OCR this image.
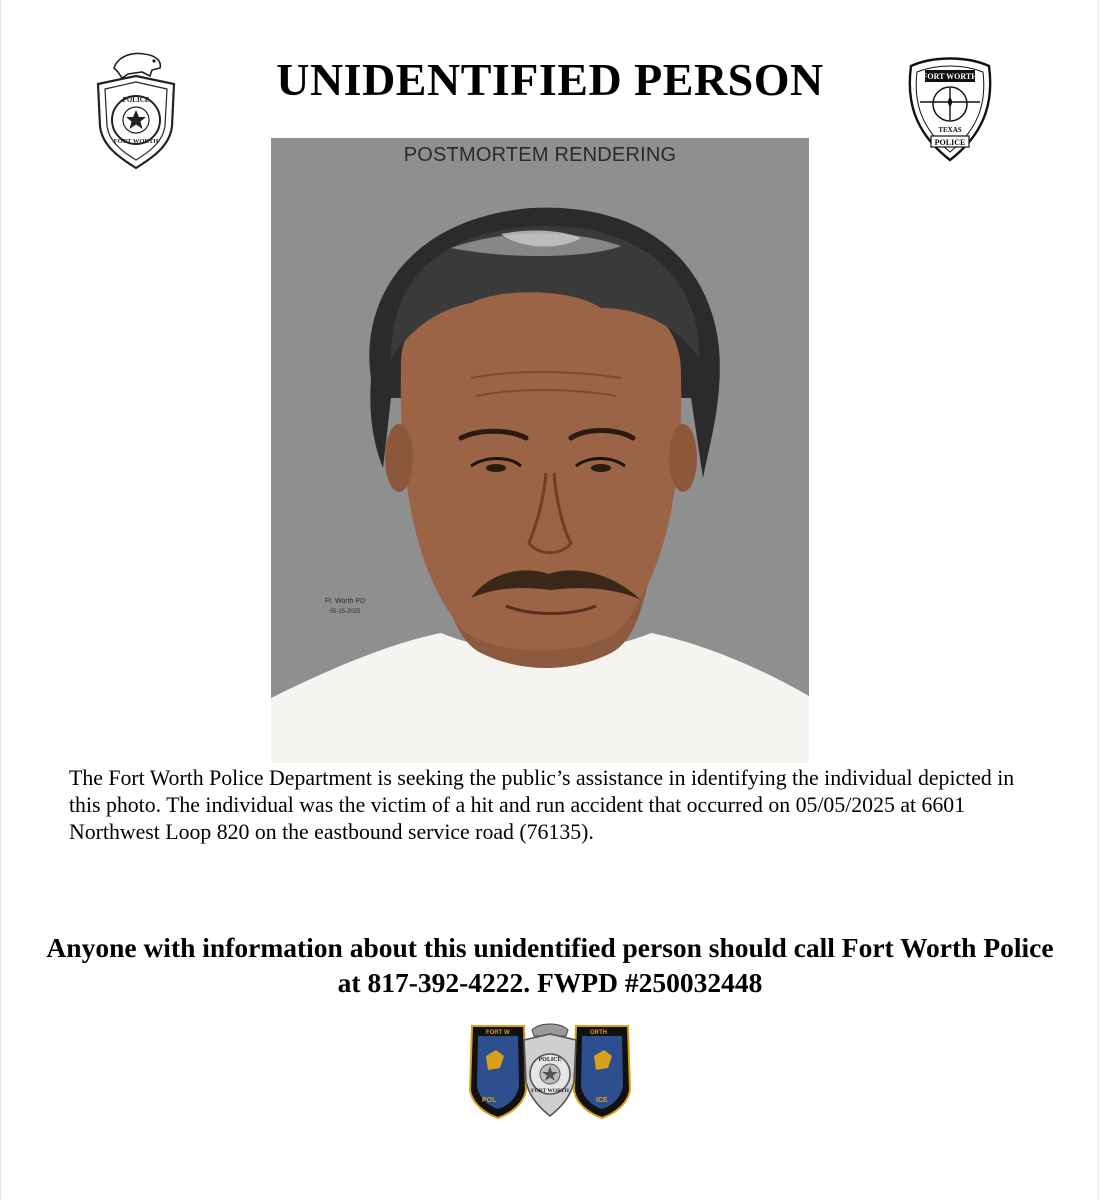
POLICE
FORT WORTH
UNIDENTIFIED PERSON	FORT WORTH
TEXAS
POLICE

POSTMORTEM RENDERING

Ft. Worth PD
05-15-2025

The Fort Worth Police Department is seeking the public’s assistance in identifying the individual depicted in this photo. The individual was the victim of a hit and run accident that occurred on 05/05/2025 at 6601 Northwest Loop 820 on the eastbound service road (76135).

Anyone with information about this unidentified person should call Fort Worth Police at 817-392-4222. FWPD #250032448

POLICE
FORT WORTH
FORT W	ORTH
POL	ICE
